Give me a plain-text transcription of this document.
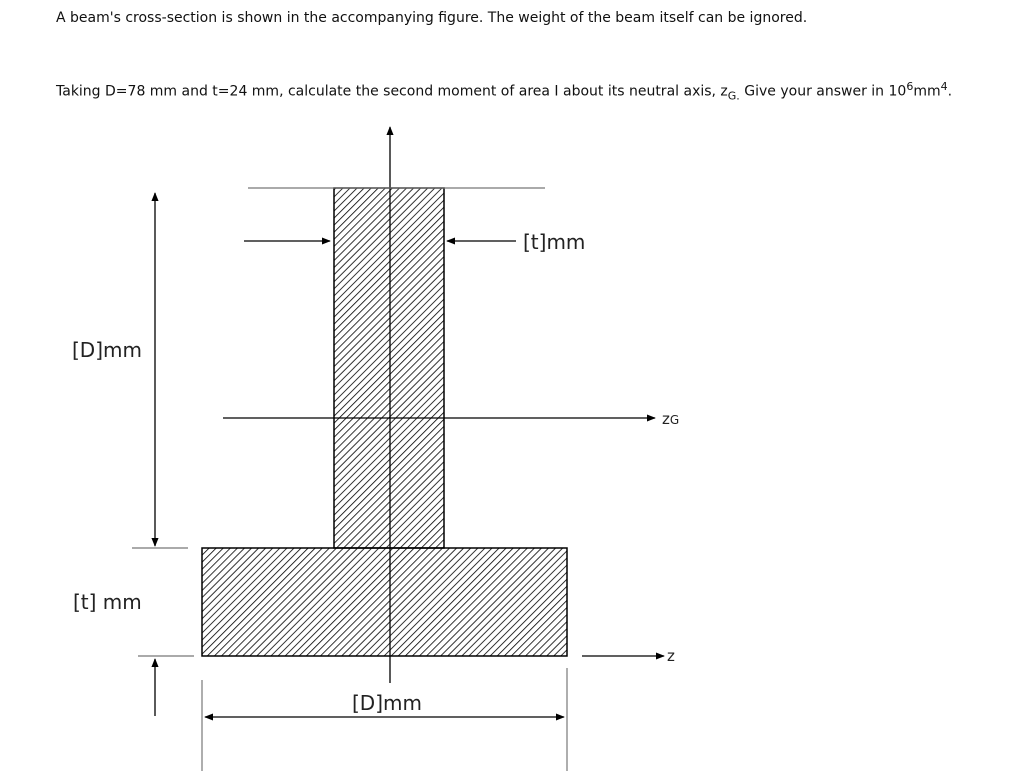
A beam's cross-section is shown in the accompanying figure. The weight of the beam itself can be ignored.
Taking D=78 mm and t=24 mm, calculate the second moment of area I about its neutral axis, $z_{G.}$ Give your answer in $10^6mm^4$.
[t]mm
[D]mm
[t] mm
[D]mm
zG
z
